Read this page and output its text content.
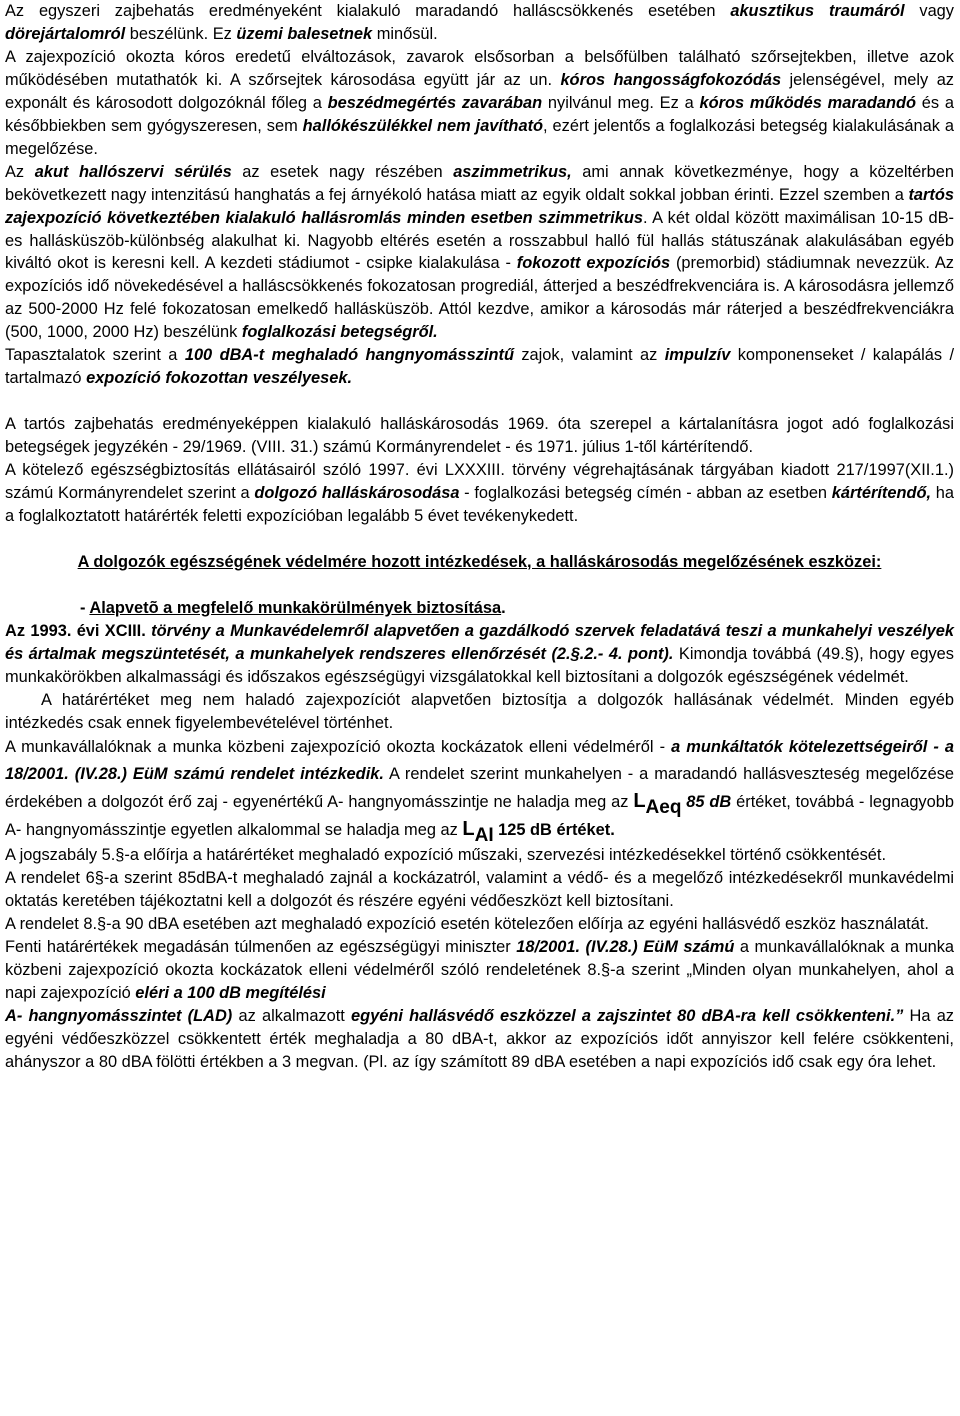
Az egyszeri zajbehatás eredményeként kialakuló maradandó halláscsökkenés esetében akusztikus traumáról vagy dörejártalomról beszélünk. Ez üzemi balesetnek minősül.

A zajexpozíció okozta kóros eredetű elváltozások, zavarok elsősorban a belsőfülben található szőrsejtekben, illetve azok működésében mutathatók ki. A szőrsejtek károsodása együtt jár az un. kóros hangosságfokozódás jelenségével, mely az exponált és károsodott dolgozóknál főleg a beszédmegértés zavarában nyilvánul meg. Ez a kóros működés maradandó és a későbbiekben sem gyógyszeresen, sem hallókészülékkel nem javítható, ezért jelentős a foglalkozási betegség kialakulásának a megelőzése.

Az akut hallószervi sérülés az esetek nagy részében aszimmetrikus, ami annak következménye, hogy a közeltérben bekövetkezett nagy intenzitású hanghatás a fej árnyékoló hatása miatt az egyik oldalt sokkal jobban érinti. Ezzel szemben a tartós zajexpozíció következtében kialakuló hallásromlás minden esetben szimmetrikus. A két oldal között maximálisan 10-15 dB-es hallásküszöb-különbség alakulhat ki. Nagyobb eltérés esetén a rosszabbul halló fül hallás státuszának alakulásában egyéb kiváltó okot is keresni kell. A kezdeti stádiumot - csipke kialakulása - fokozott expozíciós (premorbid) stádiumnak nevezzük. Az expozíciós idő növekedésével a halláscsökkenés fokozatosan progrediál, átterjed a beszédfrekvenciára is. A károsodásra jellemző az 500-2000 Hz felé fokozatosan emelkedő hallásküszöb. Attól kezdve, amikor a károsodás már ráterjed a beszédfrekvenciákra (500, 1000, 2000 Hz) beszélünk foglalkozási betegségről.

Tapasztalatok szerint a 100 dBA-t meghaladó hangnyomásszintű zajok, valamint az impulzív komponenseket / kalapálás / tartalmazó expozíció fokozottan veszélyesek.

A tartós zajbehatás eredményeképpen kialakuló halláskárosodás 1969. óta szerepel a kártalanításra jogot adó foglalkozási betegségek jegyzékén - 29/1969. (VIII. 31.) számú Kormányrendelet - és 1971. július 1-től kártérítendő.

A kötelező egészségbiztosítás ellátásairól szóló 1997. évi LXXXIII. törvény végrehajtásának tárgyában kiadott 217/1997(XII.1.) számú Kormányrendelet szerint a dolgozó halláskárosodása - foglalkozási betegség címén - abban az esetben kártérítendő, ha a foglalkoztatott határérték feletti expozícióban legalább 5 évet tevékenykedett.

A dolgozók egészségének védelmére hozott intézkedések, a halláskárosodás megelőzésének eszközei:

- Alapvetõ a megfelelő munkakörülmények biztosítása.

Az 1993. évi XCIII. törvény a Munkavédelemről alapvetően a gazdálkodó szervek feladatává teszi a munkahelyi veszélyek és ártalmak megszüntetését, a munkahelyek rendszeres ellenőrzését (2.§.2.- 4. pont). Kimondja továbbá (49.§), hogy egyes munkakörökben alkalmassági és időszakos egészségügyi vizsgálatokkal kell biztosítani a dolgozók egészségének védelmét.

A határértéket meg nem haladó zajexpozíciót alapvetően biztosítja a dolgozók hallásának védelmét. Minden egyéb intézkedés csak ennek figyelembevételével történhet.

A munkavállalóknak a munka közbeni zajexpozíció okozta kockázatok elleni védelméről - a munkáltatók kötelezettségeiről - a 18/2001. (IV.28.) EüM számú rendelet intézkedik. A rendelet szerint munkahelyen - a maradandó hallásveszteség megelőzése érdekében a dolgozót érő zaj - egyenértékű A- hangnyomásszintje ne haladja meg az LAeq 85 dB értéket, továbbá - legnagyobb A- hangnyomásszintje egyetlen alkalommal se haladja meg az LAI 125 dB értéket.

A jogszabály 5.§-a előírja a határértéket meghaladó expozíció műszaki, szervezési intézkedésekkel történő csökkentését.

A rendelet 6§-a szerint 85dBA-t meghaladó zajnál a kockázatról, valamint a védő- és a megelőző intézkedésekről munkavédelmi oktatás keretében tájékoztatni kell a dolgozót és részére egyéni védőeszközt kell biztosítani.

A rendelet 8.§-a 90 dBA esetében azt meghaladó expozíció esetén kötelezően előírja az egyéni hallásvédő eszköz használatát.

Fenti határértékek megadásán túlmenően az egészségügyi miniszter 18/2001. (IV.28.) EüM számú a munkavállalóknak a munka közbeni zajexpozíció okozta kockázatok elleni védelméről szóló rendeletének 8.§-a szerint „Minden olyan munkahelyen, ahol a napi zajexpozíció eléri a 100 dB megítélési

A- hangnyomásszintet (LAD) az alkalmazott egyéni hallásvédő eszközzel a zajszintet 80 dBA-ra kell csökkenteni.” Ha az egyéni védőeszközzel csökkentett érték meghaladja a 80 dBA-t, akkor az expozíciós időt annyiszor kell felére csökkenteni, ahányszor a 80 dBA fölötti értékben a 3 megvan. (Pl. az így számított 89 dBA esetében a napi expozíciós idő csak egy óra lehet.
